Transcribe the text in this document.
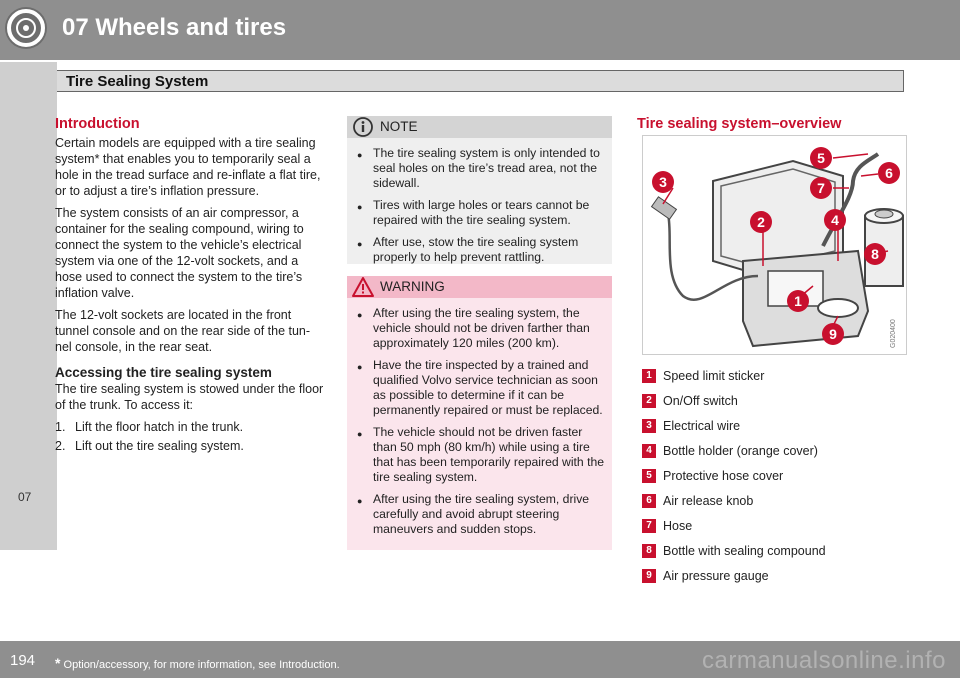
07 Wheels and tires
Tire Sealing System
07
Introduction

Certain models are equipped with a tire sealing system* that enables you to temporarily seal a hole in the tread surface and re-inflate a flat tire, or to adjust a tire’s inflation pressure.

The system consists of an air compressor, a container for the sealing compound, wiring to connect the system to the vehicle’s electrical system via one of the 12-volt sockets, and a hose used to connect the system to the tire’s inflation valve.

The 12-volt sockets are located in the front tunnel console and on the rear side of the tun-nel console, in the rear seat.

Accessing the tire sealing system

The tire sealing system is stowed under the floor of the trunk. To access it:

1. Lift the floor hatch in the trunk.
2. Lift out the tire sealing system.
NOTE
● The tire sealing system is only intended to seal holes on the tire’s tread area, not the sidewall.
● Tires with large holes or tears cannot be repaired with the tire sealing system.
● After use, stow the tire sealing system properly to help prevent rattling.
WARNING
● After using the tire sealing system, the vehicle should not be driven farther than approximately 120 miles (200 km).
● Have the tire inspected by a trained and qualified Volvo service technician as soon as possible to determine if it can be permanently repaired or must be replaced.
● The vehicle should not be driven faster than 50 mph (80 km/h) while using a tire that has been temporarily repaired with the tire sealing system.
● After using the tire sealing system, drive carefully and avoid abrupt steering maneuvers and sudden stops.
Tire sealing system–overview
1
2
3
4
5
6
7
8
9	G020400
1 Speed limit sticker
2 On/Off switch
3 Electrical wire
4 Bottle holder (orange cover)
5 Protective hose cover
6 Air release knob
7 Hose
8 Bottle with sealing compound
9 Air pressure gauge
194 * Option/accessory, for more information, see Introduction.	carmanualsonline.info
